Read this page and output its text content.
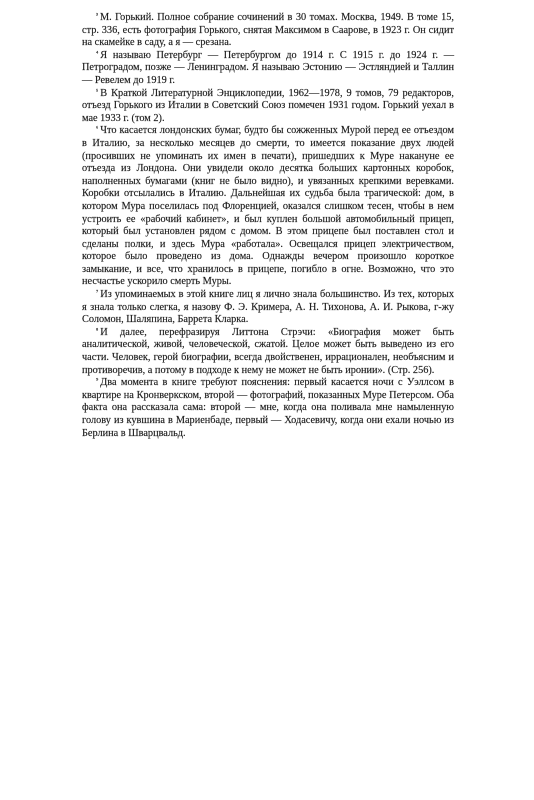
$^{^3}$ М. Горький. Полное собрание сочинений в 30 томах. Москва, 1949. В томе 15, стр. 336, есть фотография Горького, снятая Максимом в Саарове, в 1923 г. Он сидит на скамейке в саду, а я — срезана.

$^{^4}$ Я называю Петербург — Петербургом до 1914 г. С 1915 г. до 1924 г. — Петроградом, позже — Ленинградом. Я называю Эстонию — Эстляндией и Таллин — Ревелем до 1919 г.

$^{^5}$ В Краткой Литературной Энциклопедии, 1962—1978, 9 томов, 79 редакторов, отъезд Горького из Италии в Советский Союз помечен 1931 годом. Горький уехал в мае 1933 г. (том 2).

$^{^6}$ Что касается лондонских бумаг, будто бы сожженных Мурой перед ее отъездом в Италию, за несколько месяцев до смерти, то имеется показание двух людей (просивших не упоминать их имен в печати), пришедших к Муре накануне ее отъезда из Лондона. Они увидели около десятка больших картонных коробок, наполненных бумагами (книг не было видно), и увязанных крепкими веревками. Коробки отсылались в Италию. Дальнейшая их судьба была трагической: дом, в котором Мура поселилась под Флоренцией, оказался слишком тесен, чтобы в нем устроить ее «рабочий кабинет», и был куплен большой автомобильный прицеп, который был установлен рядом с домом. В этом прицепе был поставлен стол и сделаны полки, и здесь Мура «работала». Освещался прицеп электричеством, которое было проведено из дома. Однажды вечером произошло короткое замыкание, и все, что хранилось в прицепе, погибло в огне. Возможно, что это несчастье ускорило смерть Муры.

$^{^7}$ Из упоминаемых в этой книге лиц я лично знала большинство. Из тех, которых я знала только слегка, я назову Ф. Э. Кримера, А. Н. Тихонова, А. И. Рыкова, г-жу Соломон, Шаляпина, Баррета Кларка.

$^{^8}$ И далее, перефразируя Литтона Стрэчи: «Биография может быть аналитической, живой, человеческой, сжатой. Целое может быть выведено из его части. Человек, герой биографии, всегда двойственен, иррационален, необъясним и противоречив, а потому в подходе к нему не может не быть иронии». (Стр. 256).

$^{^9}$ Два момента в книге требуют пояснения: первый касается ночи с Уэллсом в квартире на Кронверкском, второй — фотографий, показанных Муре Петерсом. Оба факта она рассказала сама: второй — мне, когда она поливала мне намыленную голову из кувшина в Мариенбаде, первый — Ходасевичу, когда они ехали ночью из Берлина в Шварцвальд.
